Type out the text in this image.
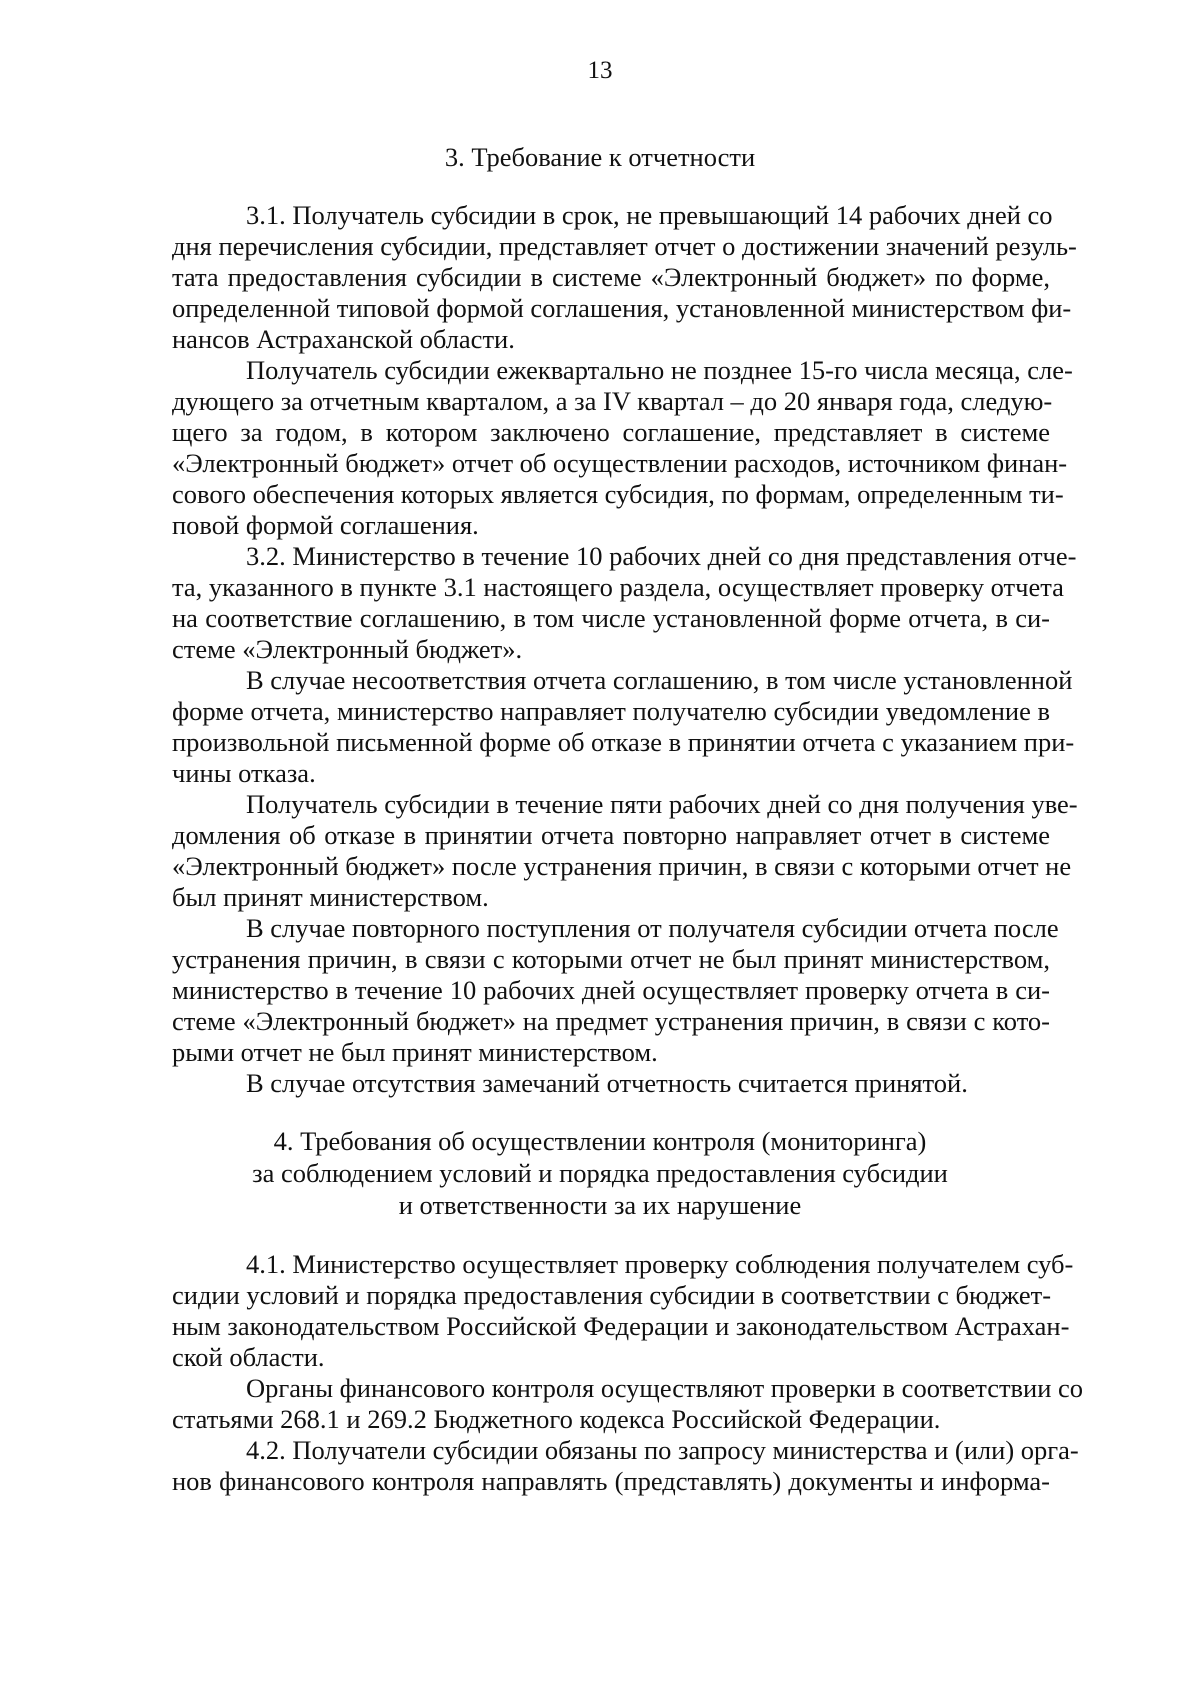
13
3. Требование к отчетности
3.1. Получатель субсидии в срок, не превышающий 14 рабочих дней со
дня перечисления субсидии, представляет отчет о достижении значений резуль-
тата предоставления субсидии в системе «Электронный бюджет» по форме,
определенной типовой формой соглашения, установленной министерством фи-
нансов Астраханской области.
Получатель субсидии ежеквартально не позднее 15-го числа месяца, сле-
дующего за отчетным кварталом, а за IV квартал – до 20 января года, следую-
щего за годом, в котором заключено соглашение, представляет в системе
«Электронный бюджет» отчет об осуществлении расходов, источником финан-
сового обеспечения которых является субсидия, по формам, определенным ти-
повой формой соглашения.
3.2. Министерство в течение 10 рабочих дней со дня представления отче-
та, указанного в пункте 3.1 настоящего раздела, осуществляет проверку отчета
на соответствие соглашению, в том числе установленной форме отчета, в си-
стеме «Электронный бюджет».
В случае несоответствия отчета соглашению, в том числе установленной
форме отчета, министерство направляет получателю субсидии уведомление в
произвольной письменной форме об отказе в принятии отчета с указанием при-
чины отказа.
Получатель субсидии в течение пяти рабочих дней со дня получения уве-
домления об отказе в принятии отчета повторно направляет отчет в системе
«Электронный бюджет» после устранения причин, в связи с которыми отчет не
был принят министерством.
В случае повторного поступления от получателя субсидии отчета после
устранения причин, в связи с которыми отчет не был принят министерством,
министерство в течение 10 рабочих дней осуществляет проверку отчета в си-
стеме «Электронный бюджет» на предмет устранения причин, в связи с кото-
рыми отчет не был принят министерством.
В случае отсутствия замечаний отчетность считается принятой.
4. Требования об осуществлении контроля (мониторинга)
за соблюдением условий и порядка предоставления субсидии
и ответственности за их нарушение
4.1. Министерство осуществляет проверку соблюдения получателем суб-
сидии условий и порядка предоставления субсидии в соответствии с бюджет-
ным законодательством Российской Федерации и законодательством Астрахан-
ской области.
Органы финансового контроля осуществляют проверки в соответствии со
статьями 268.1 и 269.2 Бюджетного кодекса Российской Федерации.
4.2. Получатели субсидии обязаны по запросу министерства и (или) орга-
нов финансового контроля направлять (представлять) документы и информа-
